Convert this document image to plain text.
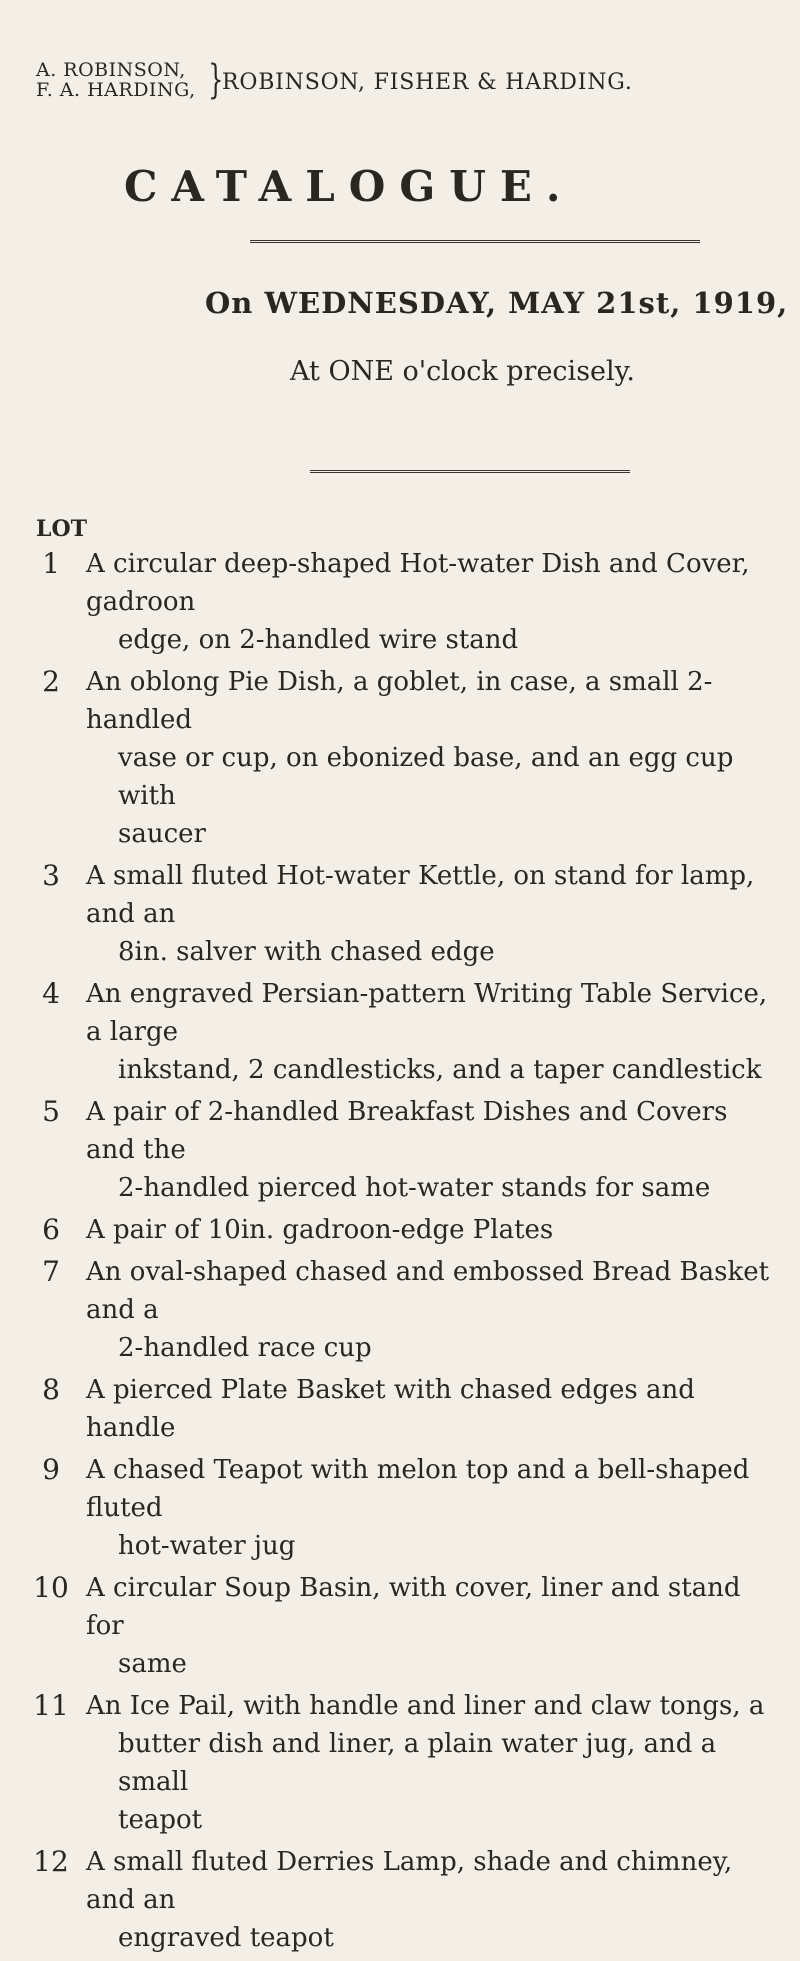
A. ROBINSON,
F. A. HARDING, }
ROBINSON, FISHER & HARDING.
CATALOGUE.
On WEDNESDAY, MAY 21st, 1919,
At ONE o'clock precisely.
LOT
1	A circular deep-shaped Hot-water Dish and Cover, gadroon
edge, on 2-handled wire stand
2	An oblong Pie Dish, a goblet, in case, a small 2-handled
vase or cup, on ebonized base, and an egg cup with
saucer
3	A small fluted Hot-water Kettle, on stand for lamp, and an
8in. salver with chased edge
4	An engraved Persian-pattern Writing Table Service, a large
inkstand, 2 candlesticks, and a taper candlestick
5	A pair of 2-handled Breakfast Dishes and Covers and the
2-handled pierced hot-water stands for same
6	A pair of 10in. gadroon-edge Plates
7	An oval-shaped chased and embossed Bread Basket and a
2-handled race cup
8	A pierced Plate Basket with chased edges and handle
9	A chased Teapot with melon top and a bell-shaped fluted
hot-water jug
10 A circular Soup Basin, with cover, liner and stand for
same
11 An Ice Pail, with handle and liner and claw tongs, a
butter dish and liner, a plain water jug, and a small
teapot
12 A small fluted Derries Lamp, shade and chimney, and an
engraved teapot
